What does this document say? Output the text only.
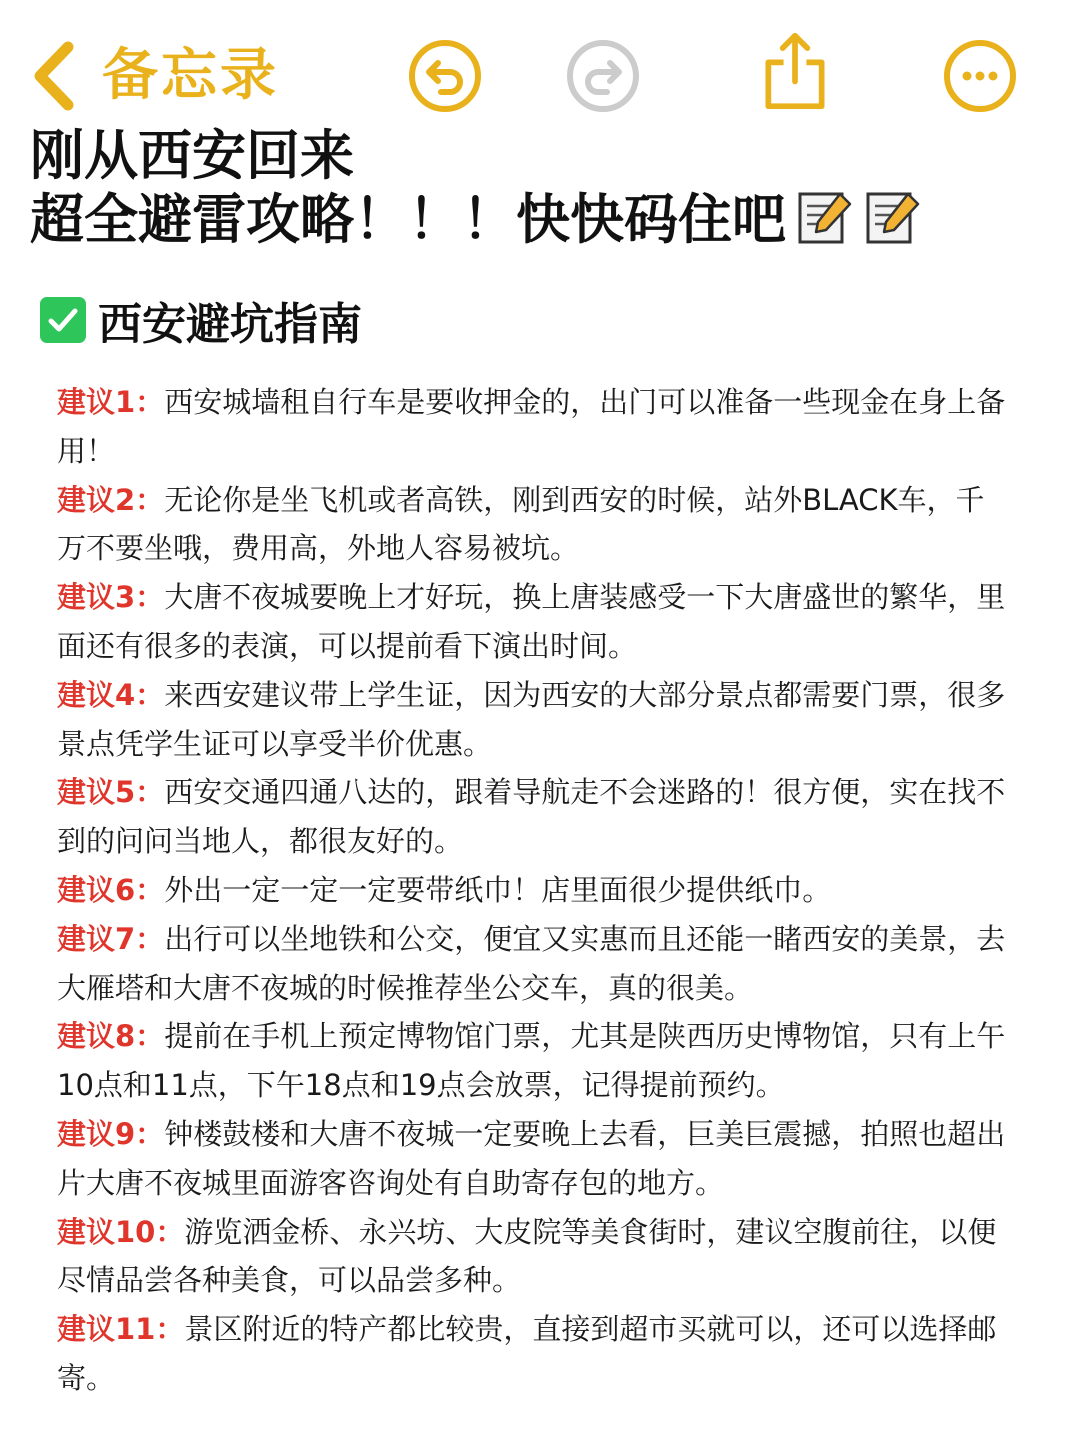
备忘录
刚从西安回来
超全避雷攻略！！！快快码住吧
西安避坑指南

建议1：西安城墙租自行车是要收押金的，出门可以准备一些现金在身上备用！

建议2：无论你是坐飞机或者高铁，刚到西安的时候，站外BLACK车，千万不要坐哦，费用高，外地人容易被坑。

建议3：大唐不夜城要晚上才好玩，换上唐装感受一下大唐盛世的繁华，里面还有很多的表演，可以提前看下演出时间。

建议4：来西安建议带上学生证，因为西安的大部分景点都需要门票，很多景点凭学生证可以享受半价优惠。

建议5：西安交通四通八达的，跟着导航走不会迷路的！很方便，实在找不到的问问当地人，都很友好的。

建议6：外出一定一定一定要带纸巾！店里面很少提供纸巾。

建议7：出行可以坐地铁和公交，便宜又实惠而且还能一睹西安的美景，去大雁塔和大唐不夜城的时候推荐坐公交车，真的很美。

建议8：提前在手机上预定博物馆门票，尤其是陕西历史博物馆，只有上午10点和11点，下午18点和19点会放票，记得提前预约。

建议9：钟楼鼓楼和大唐不夜城一定要晚上去看，巨美巨震撼，拍照也超出片大唐不夜城里面游客咨询处有自助寄存包的地方。

建议10：游览洒金桥、永兴坊、大皮院等美食街时，建议空腹前往，以便尽情品尝各种美食，可以品尝多种。

建议11：景区附近的特产都比较贵，直接到超市买就可以，还可以选择邮寄。
